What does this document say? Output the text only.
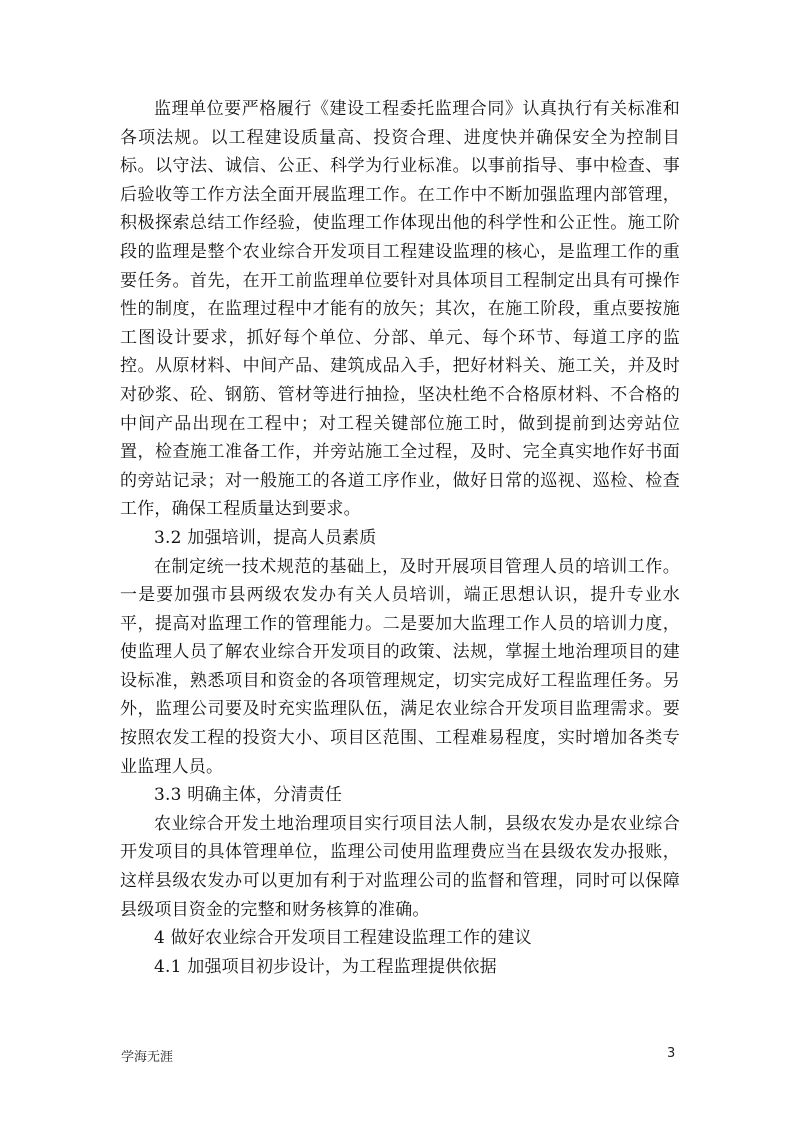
监理单位要严格履行《建设工程委托监理合同》认真执行有关标准和各项法规。以工程建设质量高、投资合理、进度快并确保安全为控制目标。以守法、诚信、公正、科学为行业标准。以事前指导、事中检查、事后验收等工作方法全面开展监理工作。在工作中不断加强监理内部管理，积极探索总结工作经验，使监理工作体现出他的科学性和公正性。施工阶段的监理是整个农业综合开发项目工程建设监理的核心，是监理工作的重要任务。首先，在开工前监理单位要针对具体项目工程制定出具有可操作性的制度，在监理过程中才能有的放矢；其次，在施工阶段，重点要按施工图设计要求，抓好每个单位、分部、单元、每个环节、每道工序的监控。从原材料、中间产品、建筑成品入手，把好材料关、施工关，并及时对砂浆、砼、钢筋、管材等进行抽捡，坚决杜绝不合格原材料、不合格的中间产品出现在工程中；对工程关键部位施工时，做到提前到达旁站位置，检查施工准备工作，并旁站施工全过程，及时、完全真实地作好书面的旁站记录；对一般施工的各道工序作业，做好日常的巡视、巡检、检查工作，确保工程质量达到要求。

3.2 加强培训，提高人员素质

在制定统一技术规范的基础上，及时开展项目管理人员的培训工作。一是要加强市县两级农发办有关人员培训，端正思想认识，提升专业水平，提高对监理工作的管理能力。二是要加大监理工作人员的培训力度，使监理人员了解农业综合开发项目的政策、法规，掌握土地治理项目的建设标准，熟悉项目和资金的各项管理规定，切实完成好工程监理任务。另外，监理公司要及时充实监理队伍，满足农业综合开发项目监理需求。要按照农发工程的投资大小、项目区范围、工程难易程度，实时增加各类专业监理人员。

3.3 明确主体，分清责任

农业综合开发土地治理项目实行项目法人制，县级农发办是农业综合开发项目的具体管理单位，监理公司使用监理费应当在县级农发办报账，这样县级农发办可以更加有利于对监理公司的监督和管理，同时可以保障县级项目资金的完整和财务核算的准确。

4 做好农业综合开发项目工程建设监理工作的建议

4.1 加强项目初步设计，为工程监理提供依据

学海无涯	3
